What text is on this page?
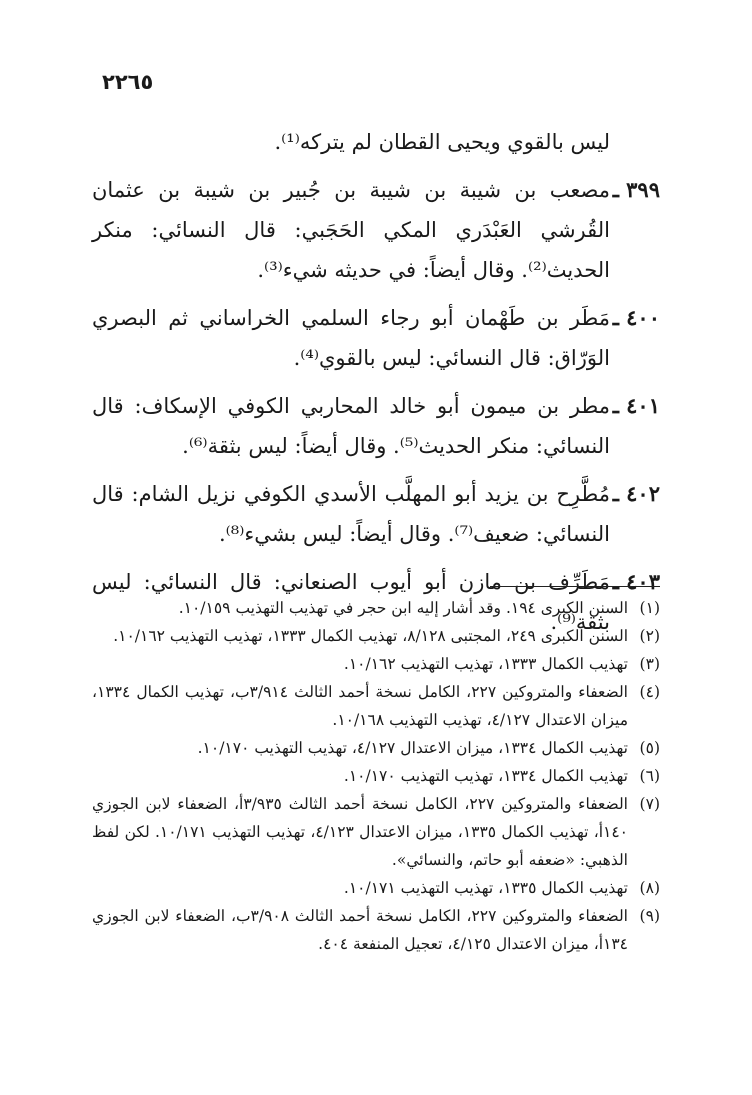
٢٢٦٥
ليس بالقوي ويحيى القطان لم يتركه⁽¹⁾.
٣٩٩ ـ
مصعب بن شيبة بن شيبة بن جُبير بن شيبة بن عثمان القُرشي العَبْدَري المكي الحَجَبي: قال النسائي: منكر الحديث⁽²⁾. وقال أيضاً: في حديثه شيء⁽³⁾.
٤٠٠ ـ
مَطَر بن طَهْمان أبو رجاء السلمي الخراساني ثم البصري الوَرّاق: قال النسائي: ليس بالقوي⁽⁴⁾.
٤٠١ ـ
مطر بن ميمون أبو خالد المحاربي الكوفي الإسكاف: قال النسائي: منكر الحديث⁽⁵⁾. وقال أيضاً: ليس بثقة⁽⁶⁾.
٤٠٢ ـ
مُطَّرِح بن يزيد أبو المهلَّب الأسدي الكوفي نزيل الشام: قال النسائي: ضعيف⁽⁷⁾. وقال أيضاً: ليس بشيء⁽⁸⁾.
٤٠٣ ـ
مَطَرِّف بن مازن أبو أيوب الصنعاني: قال النسائي: ليس بثقة⁽⁹⁾.
(١)
السنن الكبرى ١٩٤. وقد أشار إليه ابن حجر في تهذيب التهذيب ١٠/١٥٩.
(٢)
السنن الكبرى ٢٤٩، المجتبى ٨/١٢٨، تهذيب الكمال ١٣٣٣، تهذيب التهذيب ١٠/١٦٢.
(٣)
تهذيب الكمال ١٣٣٣، تهذيب التهذيب ١٠/١٦٢.
(٤)
الضعفاء والمتروكين ٢٢٧، الكامل نسخة أحمد الثالث ٣/٩١٤ب، تهذيب الكمال ١٣٣٤، ميزان الاعتدال ٤/١٢٧، تهذيب التهذيب ١٠/١٦٨.
(٥)
تهذيب الكمال ١٣٣٤، ميزان الاعتدال ٤/١٢٧، تهذيب التهذيب ١٠/١٧٠.
(٦)
تهذيب الكمال ١٣٣٤، تهذيب التهذيب ١٠/١٧٠.
(٧)
الضعفاء والمتروكين ٢٢٧، الكامل نسخة أحمد الثالث ٣/٩٣٥أ، الضعفاء لابن الجوزي ١٤٠أ، تهذيب الكمال ١٣٣٥، ميزان الاعتدال ٤/١٢٣، تهذيب التهذيب ١٠/١٧١. لكن لفظ الذهبي: «ضعفه أبو حاتم، والنسائي».
(٨)
تهذيب الكمال ١٣٣٥، تهذيب التهذيب ١٠/١٧١.
(٩)
الضعفاء والمتروكين ٢٢٧، الكامل نسخة أحمد الثالث ٣/٩٠٨ب، الضعفاء لابن الجوزي ١٣٤أ، ميزان الاعتدال ٤/١٢٥، تعجيل المنفعة ٤٠٤.
